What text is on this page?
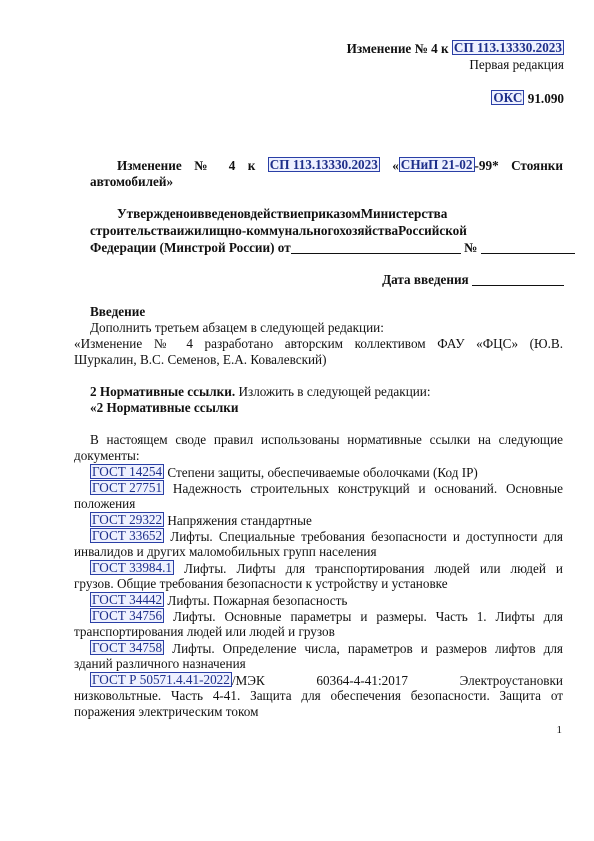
Изменение № 4 к СП 113.13330.2023
Первая редакция
ОКС 91.090
Изменение № 4 к СП 113.13330.2023 « СНиП 21-02 -99* Стоянки
автомобилей»
УтвержденоивведеновдействиеприказомМинистерства
строительстваижилищно-коммунальногохозяйстваРоссийской
Федерации (Минстрой России) от	№
Дата введения
Введение
Дополнить третьем абзацем в следующей редакции:
«Изменение № 4 разработано авторским коллективом ФАУ «ФЦС» (Ю.В.
Шуркалин, В.С. Семенов, Е.А. Ковалевский)
2 Нормативные ссылки. Изложить в следующей редакции:
«2 Нормативные ссылки
В настоящем своде правил использованы нормативные ссылки на следующие
документы:
ГОСТ 14254 Степени защиты, обеспечиваемые оболочками (Код IP)
ГОСТ 27751 Надежность строительных конструкций и оснований. Основные
положения
ГОСТ 29322 Напряжения стандартные
ГОСТ 33652 Лифты. Специальные требования безопасности и доступности для
инвалидов и других маломобильных групп населения
ГОСТ 33984.1 Лифты. Лифты для транспортирования людей или людей и
грузов. Общие требования безопасности к устройству и установке
ГОСТ 34442 Лифты. Пожарная безопасность
ГОСТ 34756 Лифты. Основные параметры и размеры. Часть 1. Лифты для
транспортирования людей или людей и грузов
ГОСТ 34758 Лифты. Определение числа, параметров и размеров лифтов для
зданий различного назначения
ГОСТ Р 50571.4.41-2022 /МЭК 60364-4-41:2017 Электроустановки
низковольтные. Часть 4-41. Защита для обеспечения безопасности. Защита от
поражения электрическим током
1
